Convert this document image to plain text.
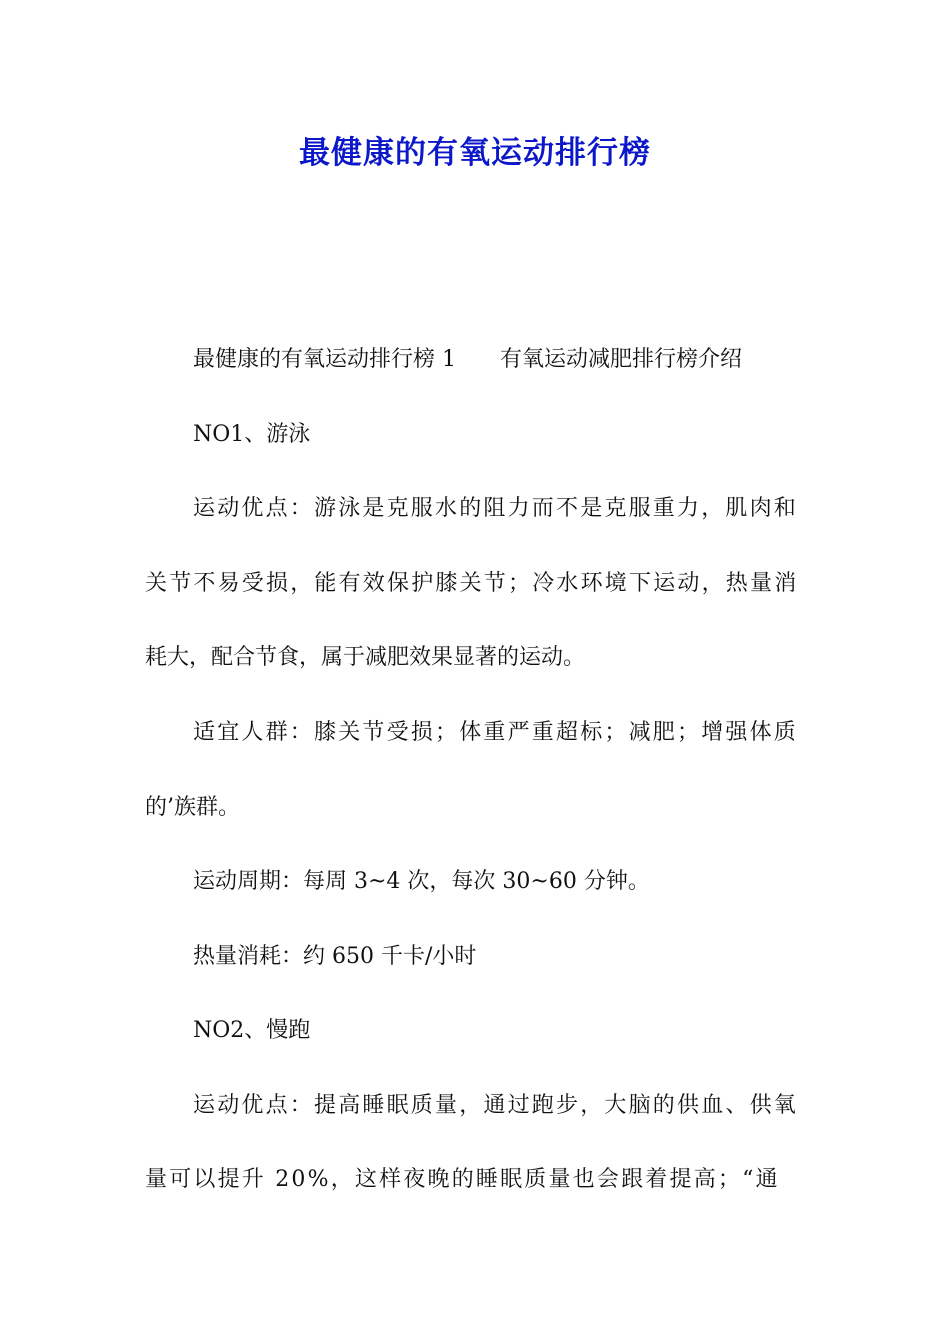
最健康的有氧运动排行榜
最健康的有氧运动排行榜 1　　有氧运动减肥排行榜介绍
NO1、游泳
运动优点：游泳是克服水的阻力而不是克服重力，肌肉和
关节不易受损，能有效保护膝关节；冷水环境下运动，热量消
耗大，配合节食，属于减肥效果显著的运动。
适宜人群：膝关节受损；体重严重超标；减肥；增强体质
的’族群。
运动周期：每周 3~4 次，每次 30~60 分钟。
热量消耗：约 650 千卡/小时
NO2、慢跑
运动优点：提高睡眠质量，通过跑步，大脑的供血、供氧
量可以提升 20%，这样夜晚的睡眠质量也会跟着提高；“通
